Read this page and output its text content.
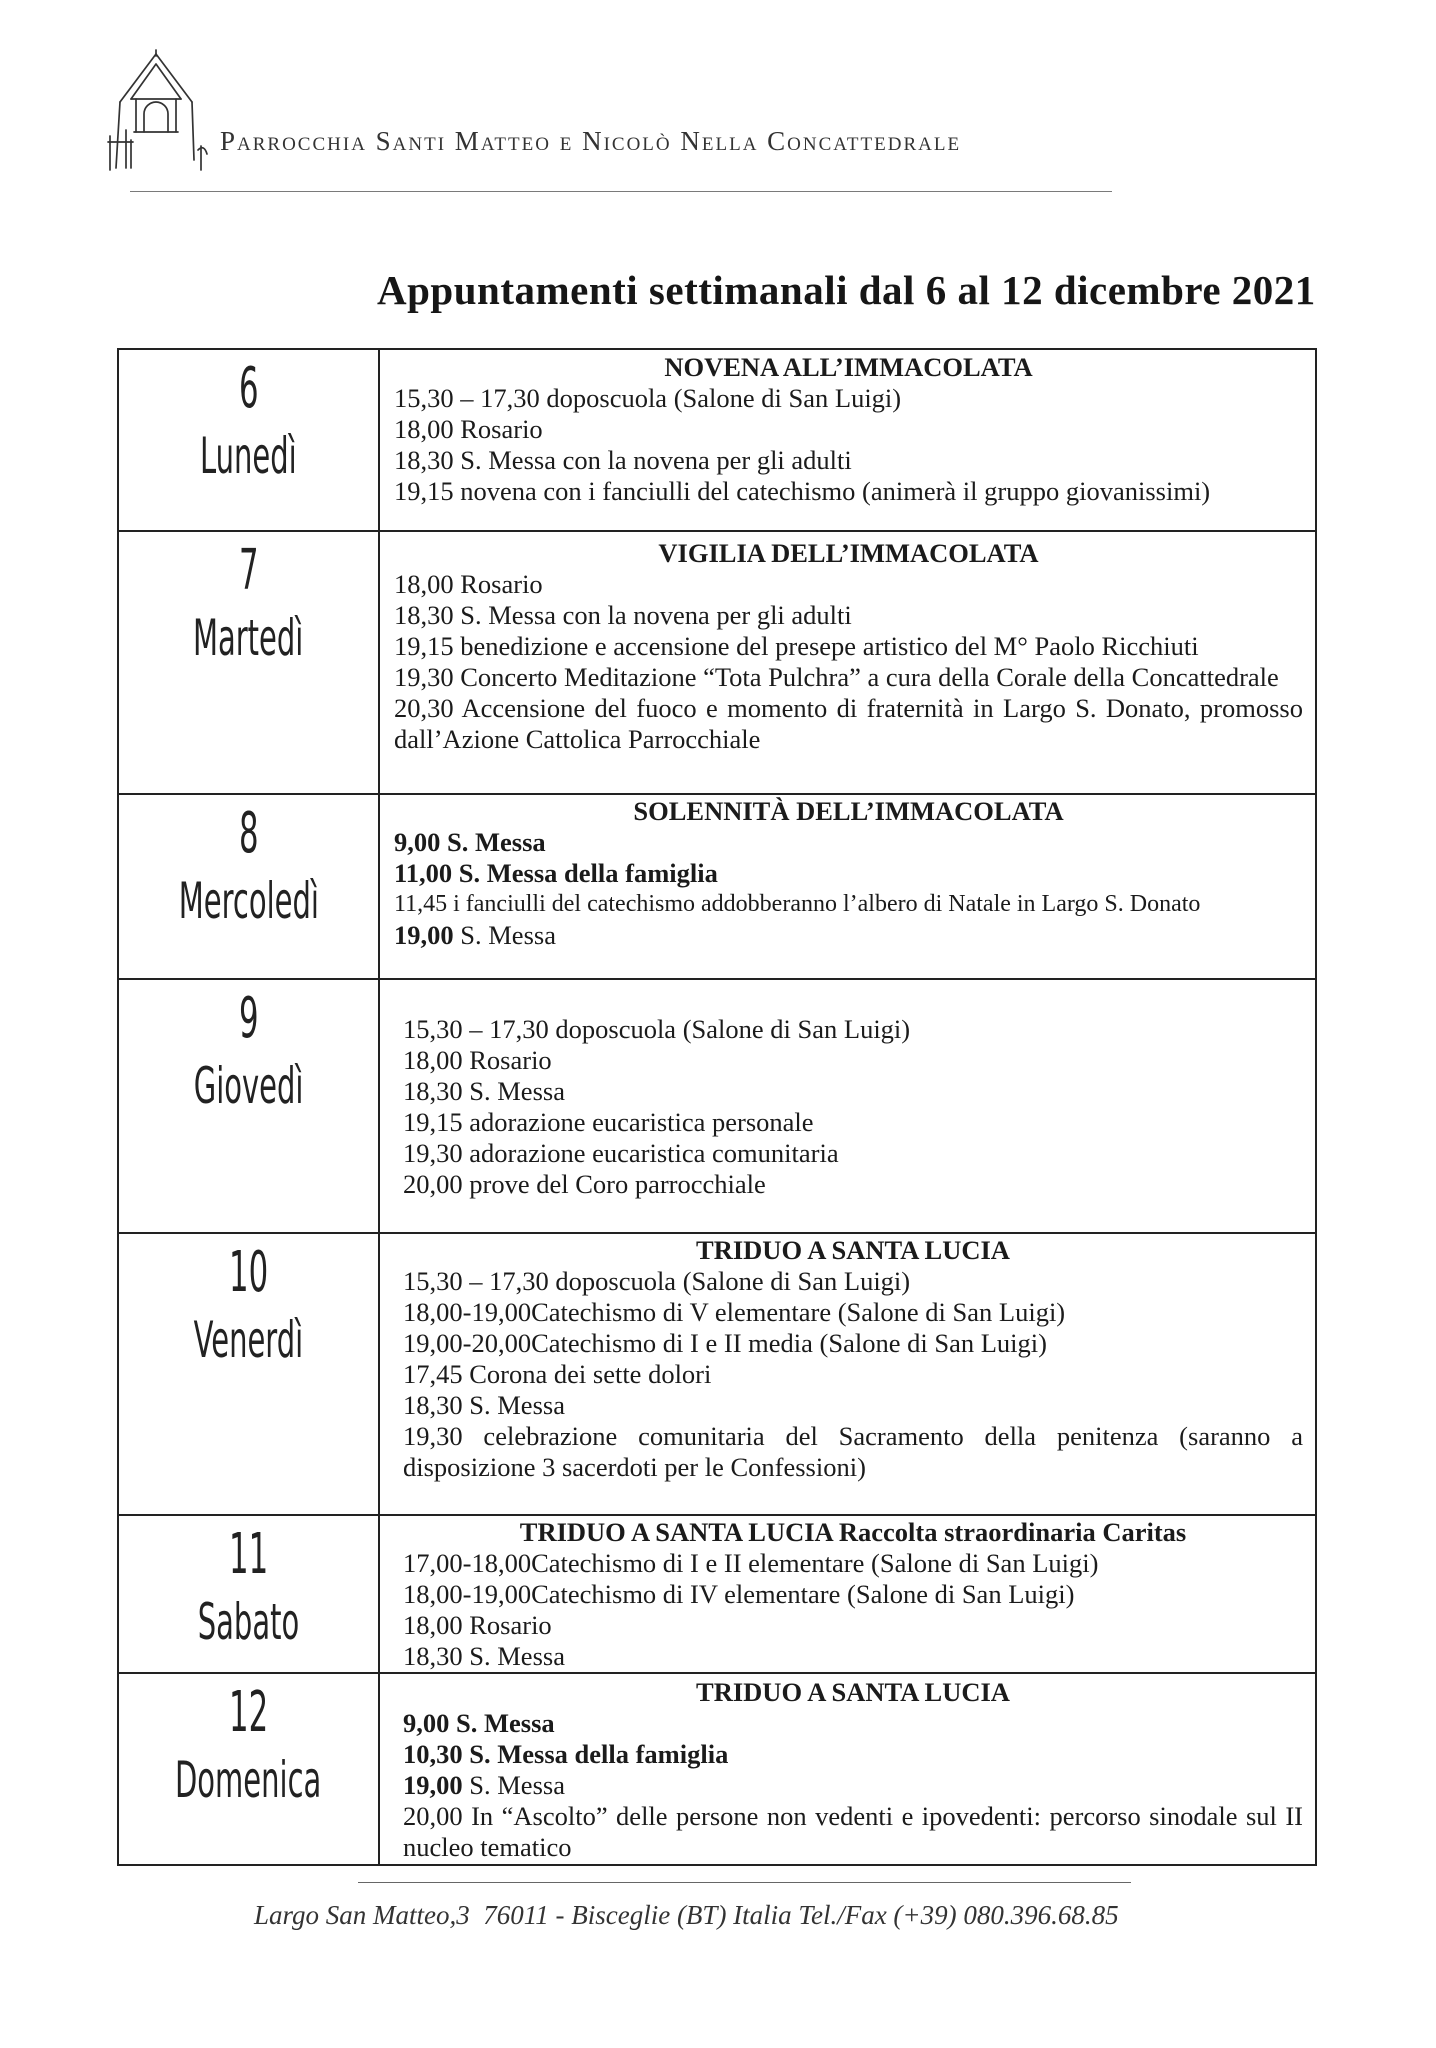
Parrocchia Santi Matteo e Nicolò Nella Concattedrale
Appuntamenti settimanali dal 6 al 12 dicembre 2021
6
Lunedì
NOVENA ALL’IMMACOLATA
15,30 – 17,30 doposcuola (Salone di San Luigi)
18,00 Rosario
18,30 S. Messa con la novena per gli adulti
19,15 novena con i fanciulli del catechismo (animerà il gruppo giovanissimi)
7
Martedì
VIGILIA DELL’IMMACOLATA
18,00 Rosario
18,30 S. Messa con la novena per gli adulti
19,15 benedizione e accensione del presepe artistico del M° Paolo Ricchiuti
19,30 Concerto Meditazione “Tota Pulchra” a cura della Corale della Concattedrale
20,30 Accensione del fuoco e momento di fraternità in Largo S. Donato, promosso dall’Azione Cattolica Parrocchiale
8
Mercoledì
SOLENNITÀ DELL’IMMACOLATA
9,00 S. Messa
11,00 S. Messa della famiglia
11,45 i fanciulli del catechismo addobberanno l’albero di Natale in Largo S. Donato
19,00 S. Messa
9
Giovedì
15,30 – 17,30 doposcuola (Salone di San Luigi)
18,00 Rosario
18,30 S. Messa
19,15 adorazione eucaristica personale
19,30 adorazione eucaristica comunitaria
20,00 prove del Coro parrocchiale
10
Venerdì
TRIDUO A SANTA LUCIA
15,30 – 17,30 doposcuola (Salone di San Luigi)
18,00-19,00Catechismo di V elementare (Salone di San Luigi)
19,00-20,00Catechismo di I e II media (Salone di San Luigi)
17,45 Corona dei sette dolori
18,30 S. Messa
19,30 celebrazione comunitaria del Sacramento della penitenza (saranno a disposizione 3 sacerdoti per le Confessioni)
11
Sabato
TRIDUO A SANTA LUCIA Raccolta straordinaria Caritas
17,00-18,00Catechismo di I e II elementare (Salone di San Luigi)
18,00-19,00Catechismo di IV elementare (Salone di San Luigi)
18,00 Rosario
18,30 S. Messa
12
Domenica
TRIDUO A SANTA LUCIA
9,00 S. Messa
10,30 S. Messa della famiglia
19,00 S. Messa
20,00 In “Ascolto” delle persone non vedenti e ipovedenti: percorso sinodale sul II nucleo tematico
Largo San Matteo,3  76011 - Bisceglie (BT) Italia Tel./Fax (+39) 080.396.68.85
